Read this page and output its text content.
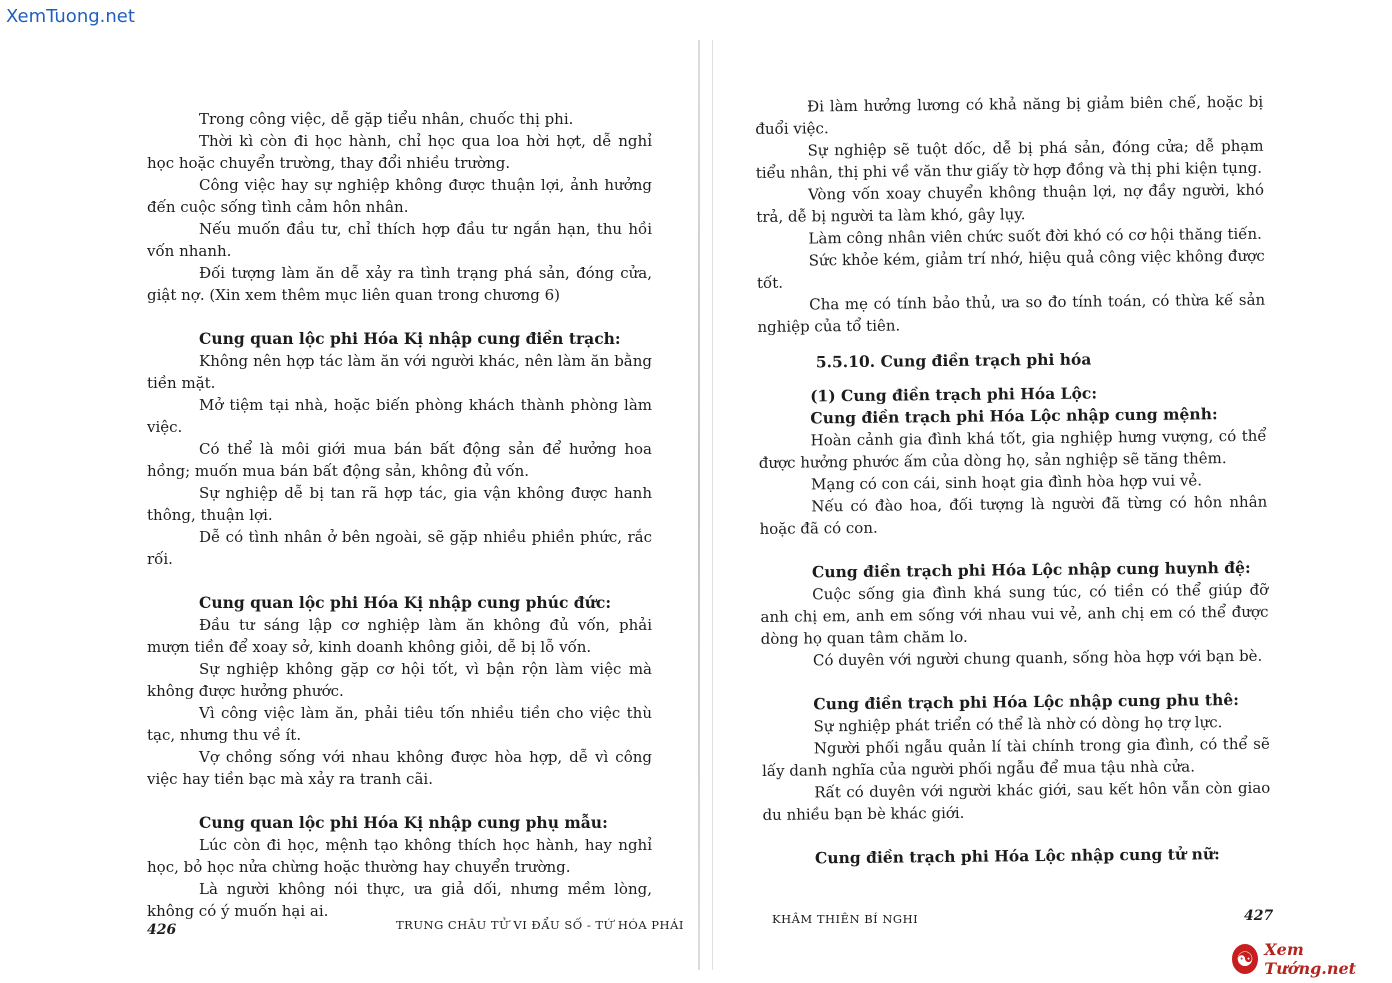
XemTuong.net

Trong công việc, dễ gặp tiểu nhân, chuốc thị phi.

Thời kì còn đi học hành, chỉ học qua loa hời hợt, dễ nghỉ học hoặc chuyển trường, thay đổi nhiều trường.

Công việc hay sự nghiệp không được thuận lợi, ảnh hưởng đến cuộc sống tình cảm hôn nhân.

Nếu muốn đầu tư, chỉ thích hợp đầu tư ngắn hạn, thu hồi vốn nhanh.

Đối tượng làm ăn dễ xảy ra tình trạng phá sản, đóng cửa, giật nợ. (Xin xem thêm mục liên quan trong chương 6)

Cung quan lộc phi Hóa Kị nhập cung điền trạch:

Không nên hợp tác làm ăn với người khác, nên làm ăn bằng tiền mặt.

Mở tiệm tại nhà, hoặc biến phòng khách thành phòng làm việc.

Có thể là môi giới mua bán bất động sản để hưởng hoa hồng; muốn mua bán bất động sản, không đủ vốn.

Sự nghiệp dễ bị tan rã hợp tác, gia vận không được hanh thông, thuận lợi.

Dễ có tình nhân ở bên ngoài, sẽ gặp nhiều phiền phức, rắc rối.

Cung quan lộc phi Hóa Kị nhập cung phúc đức:

Đầu tư sáng lập cơ nghiệp làm ăn không đủ vốn, phải mượn tiền để xoay sở, kinh doanh không giỏi, dễ bị lỗ vốn.

Sự nghiệp không gặp cơ hội tốt, vì bận rộn làm việc mà không được hưởng phước.

Vì công việc làm ăn, phải tiêu tốn nhiều tiền cho việc thù tạc, nhưng thu về ít.

Vợ chồng sống với nhau không được hòa hợp, dễ vì công việc hay tiền bạc mà xảy ra tranh cãi.

Cung quan lộc phi Hóa Kị nhập cung phụ mẫu:

Lúc còn đi học, mệnh tạo không thích học hành, hay nghỉ học, bỏ học nửa chừng hoặc thường hay chuyển trường.

Là người không nói thực, ưa giả dối, nhưng mềm lòng, không có ý muốn hại ai.

426	TRUNG CHÂU TỬ VI ĐẨU SỐ - TỨ HÓA PHÁI

Đi làm hưởng lương có khả năng bị giảm biên chế, hoặc bị đuổi việc.

Sự nghiệp sẽ tuột dốc, dễ bị phá sản, đóng cửa; dễ phạm tiểu nhân, thị phi về văn thư giấy tờ hợp đồng và thị phi kiện tụng.

Vòng vốn xoay chuyển không thuận lợi, nợ đầy người, khó trả, dễ bị người ta làm khó, gây lụy.

Làm công nhân viên chức suốt đời khó có cơ hội thăng tiến.

Sức khỏe kém, giảm trí nhớ, hiệu quả công việc không được tốt.

Cha mẹ có tính bảo thủ, ưa so đo tính toán, có thừa kế sản nghiệp của tổ tiên.

5.5.10. Cung điền trạch phi hóa

(1) Cung điền trạch phi Hóa Lộc:

Cung điền trạch phi Hóa Lộc nhập cung mệnh:

Hoàn cảnh gia đình khá tốt, gia nghiệp hưng vượng, có thể được hưởng phước ấm của dòng họ, sản nghiệp sẽ tăng thêm.

Mạng có con cái, sinh hoạt gia đình hòa hợp vui vẻ.

Nếu có đào hoa, đối tượng là người đã từng có hôn nhân hoặc đã có con.

Cung điền trạch phi Hóa Lộc nhập cung huynh đệ:

Cuộc sống gia đình khá sung túc, có tiền có thể giúp đỡ anh chị em, anh em sống với nhau vui vẻ, anh chị em có thể được dòng họ quan tâm chăm lo.

Có duyên với người chung quanh, sống hòa hợp với bạn bè.

Cung điền trạch phi Hóa Lộc nhập cung phu thê:

Sự nghiệp phát triển có thể là nhờ có dòng họ trợ lực.

Người phối ngẫu quản lí tài chính trong gia đình, có thể sẽ lấy danh nghĩa của người phối ngẫu để mua tậu nhà cửa.

Rất có duyên với người khác giới, sau kết hôn vẫn còn giao du nhiều bạn bè khác giới.

Cung điền trạch phi Hóa Lộc nhập cung tử nữ:

KHÂM THIÊN BÍ NGHI	427
☯ Xem Tướng.net
